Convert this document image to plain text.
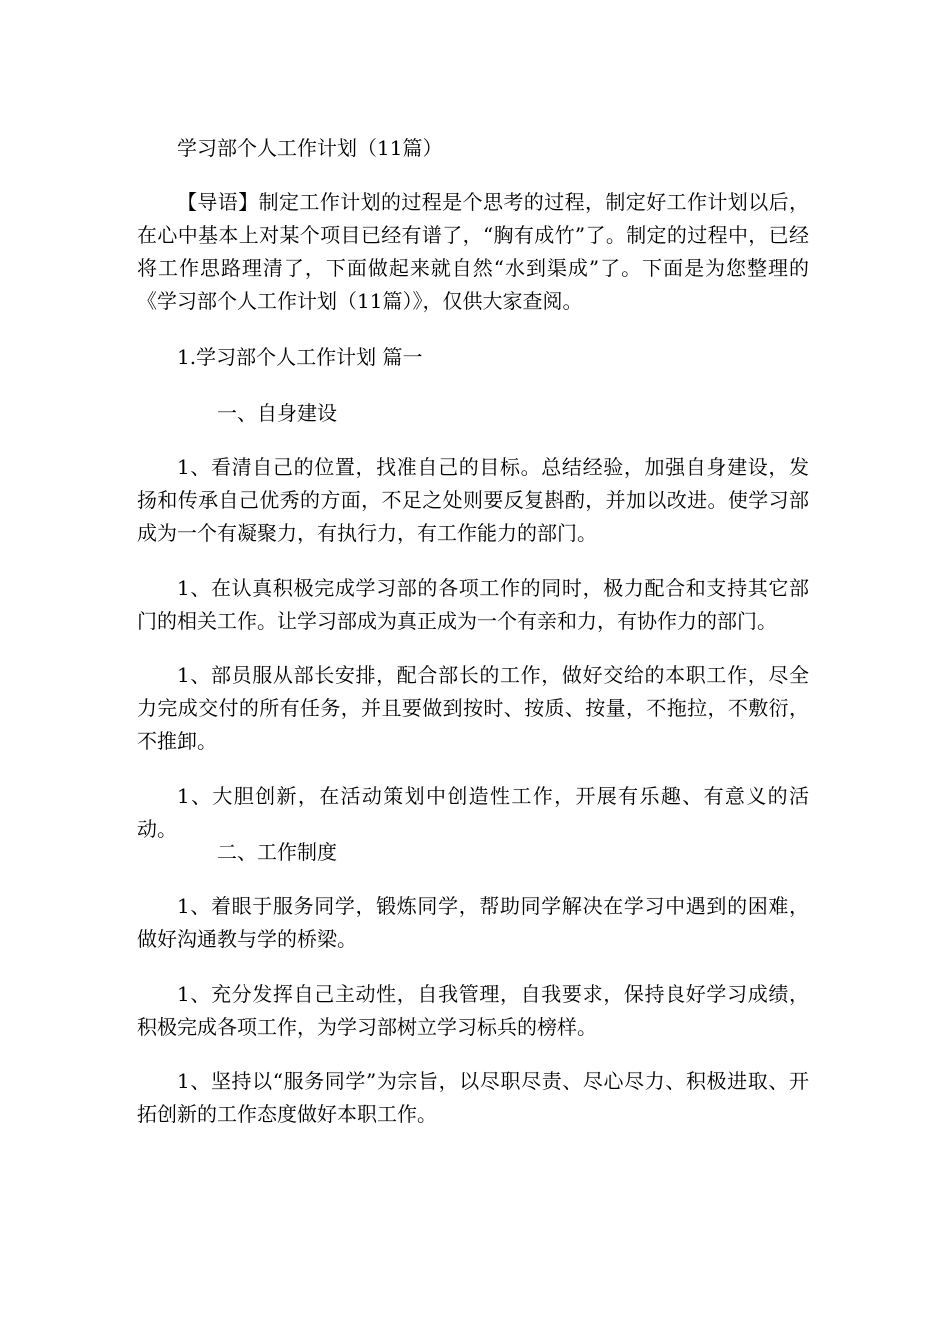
学习部个人工作计划（11篇）

【导语】制定工作计划的过程是个思考的过程，制定好工作计划以后，在心中基本上对某个项目已经有谱了，“胸有成竹”了。制定的过程中，已经将工作思路理清了，下面做起来就自然“水到渠成”了。下面是为您整理的《学习部个人工作计划（11篇）》，仅供大家查阅。

1.学习部个人工作计划 篇一

一、自身建设

1、看清自己的位置，找准自己的目标。总结经验，加强自身建设，发扬和传承自己优秀的方面，不足之处则要反复斟酌，并加以改进。使学习部成为一个有凝聚力，有执行力，有工作能力的部门。

1、在认真积极完成学习部的各项工作的同时，极力配合和支持其它部门的相关工作。让学习部成为真正成为一个有亲和力，有协作力的部门。

1、部员服从部长安排，配合部长的工作，做好交给的本职工作，尽全力完成交付的所有任务，并且要做到按时、按质、按量，不拖拉，不敷衍，不推卸。

1、大胆创新，在活动策划中创造性工作，开展有乐趣、有意义的活动。

二、工作制度

1、着眼于服务同学，锻炼同学，帮助同学解决在学习中遇到的困难，做好沟通教与学的桥梁。

1、充分发挥自己主动性，自我管理，自我要求，保持良好学习成绩，积极完成各项工作，为学习部树立学习标兵的榜样。

1、坚持以“服务同学”为宗旨，以尽职尽责、尽心尽力、积极进取、开拓创新的工作态度做好本职工作。
